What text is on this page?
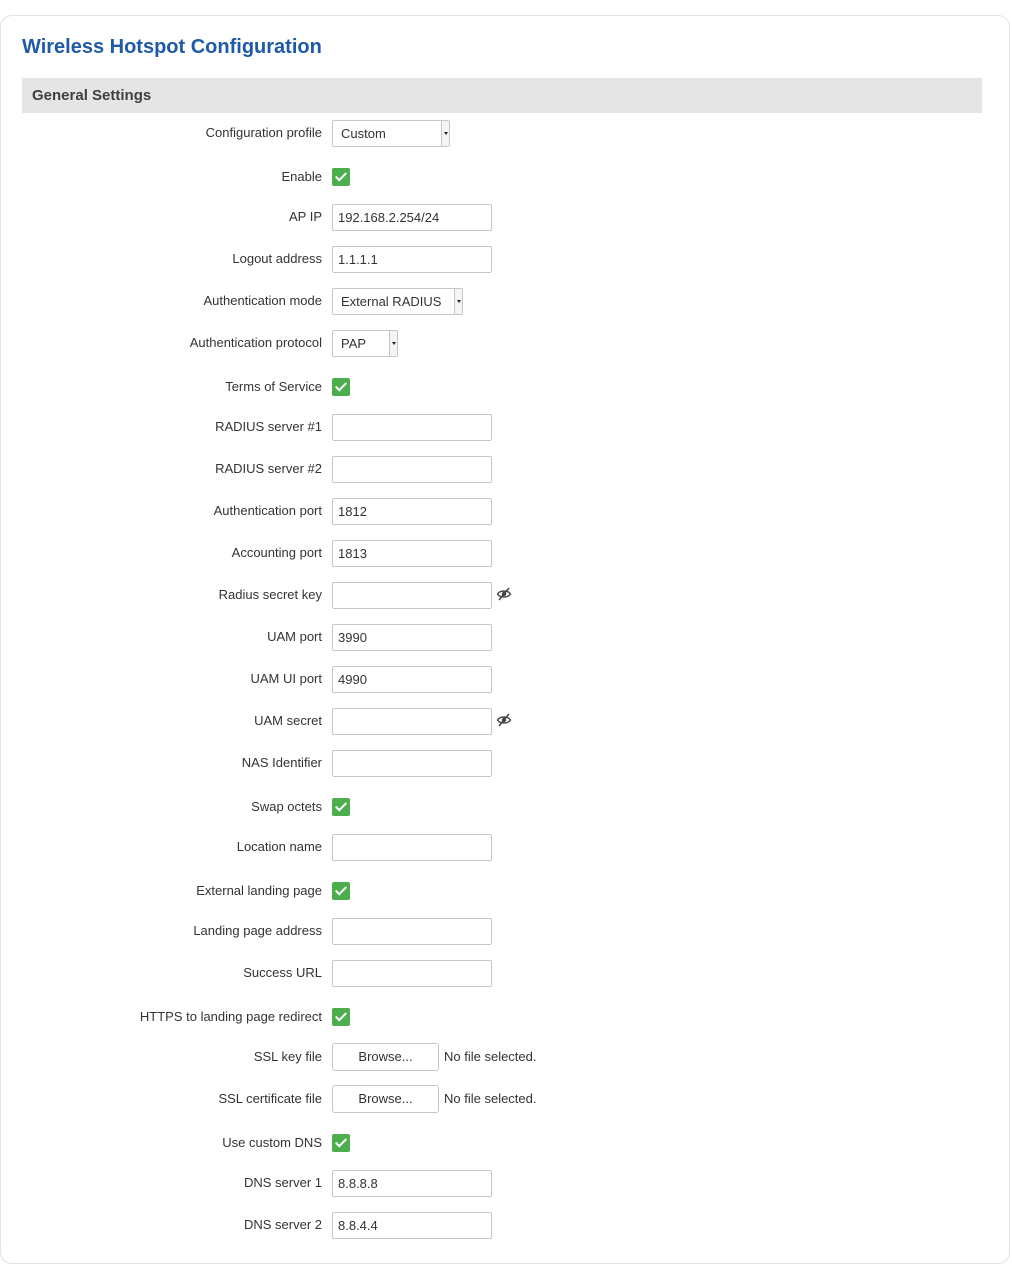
Wireless Hotspot Configuration
General Settings
Configuration profile	Custom
Enable
AP IP	192.168.2.254/24
Logout address	1.1.1.1
Authentication mode	External RADIUS
Authentication protocol	PAP
Terms of Service
RADIUS server #1
RADIUS server #2
Authentication port	1812
Accounting port	1813
Radius secret key
UAM port	3990
UAM UI port	4990
UAM secret
NAS Identifier
Swap octets
Location name
External landing page
Landing page address
Success URL
HTTPS to landing page redirect
SSL key file	Browse...	No file selected.
SSL certificate file	Browse...	No file selected.
Use custom DNS
DNS server 1	8.8.8.8
DNS server 2	8.8.4.4
